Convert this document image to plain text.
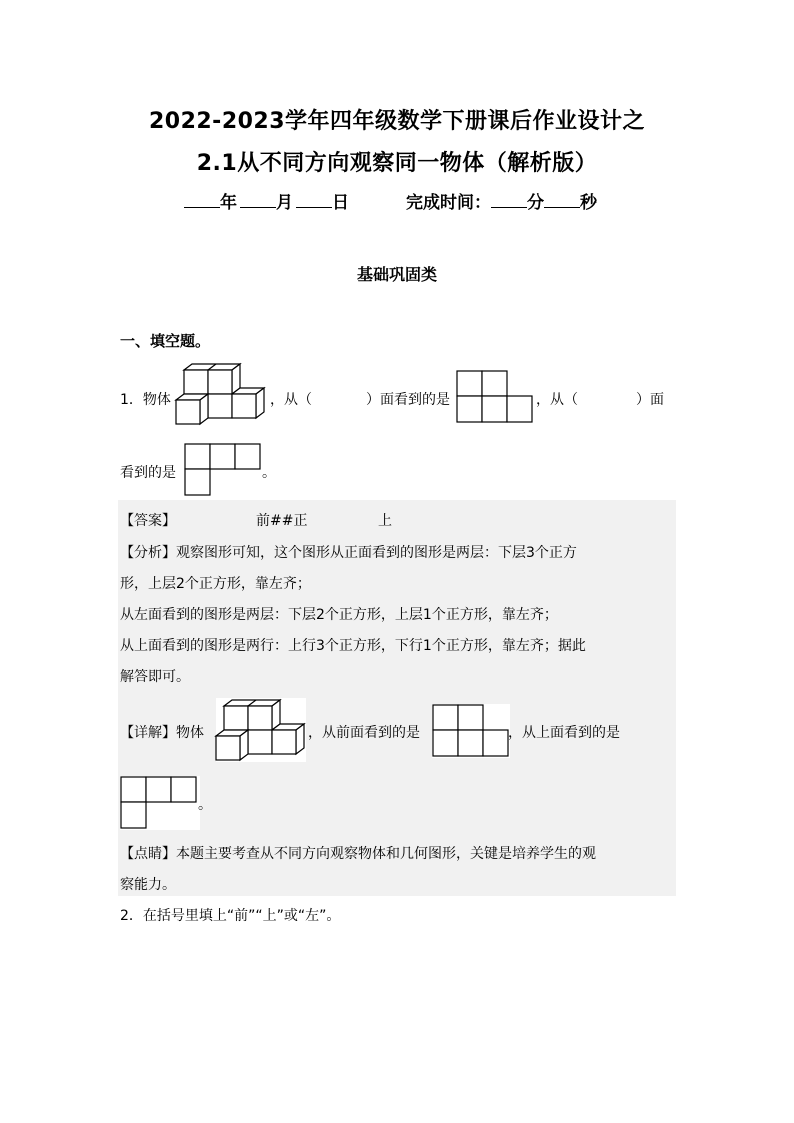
2022-2023学年四年级数学下册课后作业设计之
2.1从不同方向观察同一物体（解析版）
年	月	日	完成时间： 分 秒
基础巩固类
一、填空题。
1．物体	，从（	）面看到的是	，从（	）面
看到的是	。
【答案】	前##正	上
【分析】观察图形可知，这个图形从正面看到的图形是两层：下层3个正方
形，上层2个正方形，靠左齐；
从左面看到的图形是两层：下层2个正方形，上层1个正方形，靠左齐；
从上面看到的图形是两行：上行3个正方形，下行1个正方形，靠左齐；据此
解答即可。
【详解】物体	，从前面看到的是	，从上面看到的是
。
【点睛】本题主要考查从不同方向观察物体和几何图形，关键是培养学生的观
察能力。
2．在括号里填上“前”“上”或“左”。
